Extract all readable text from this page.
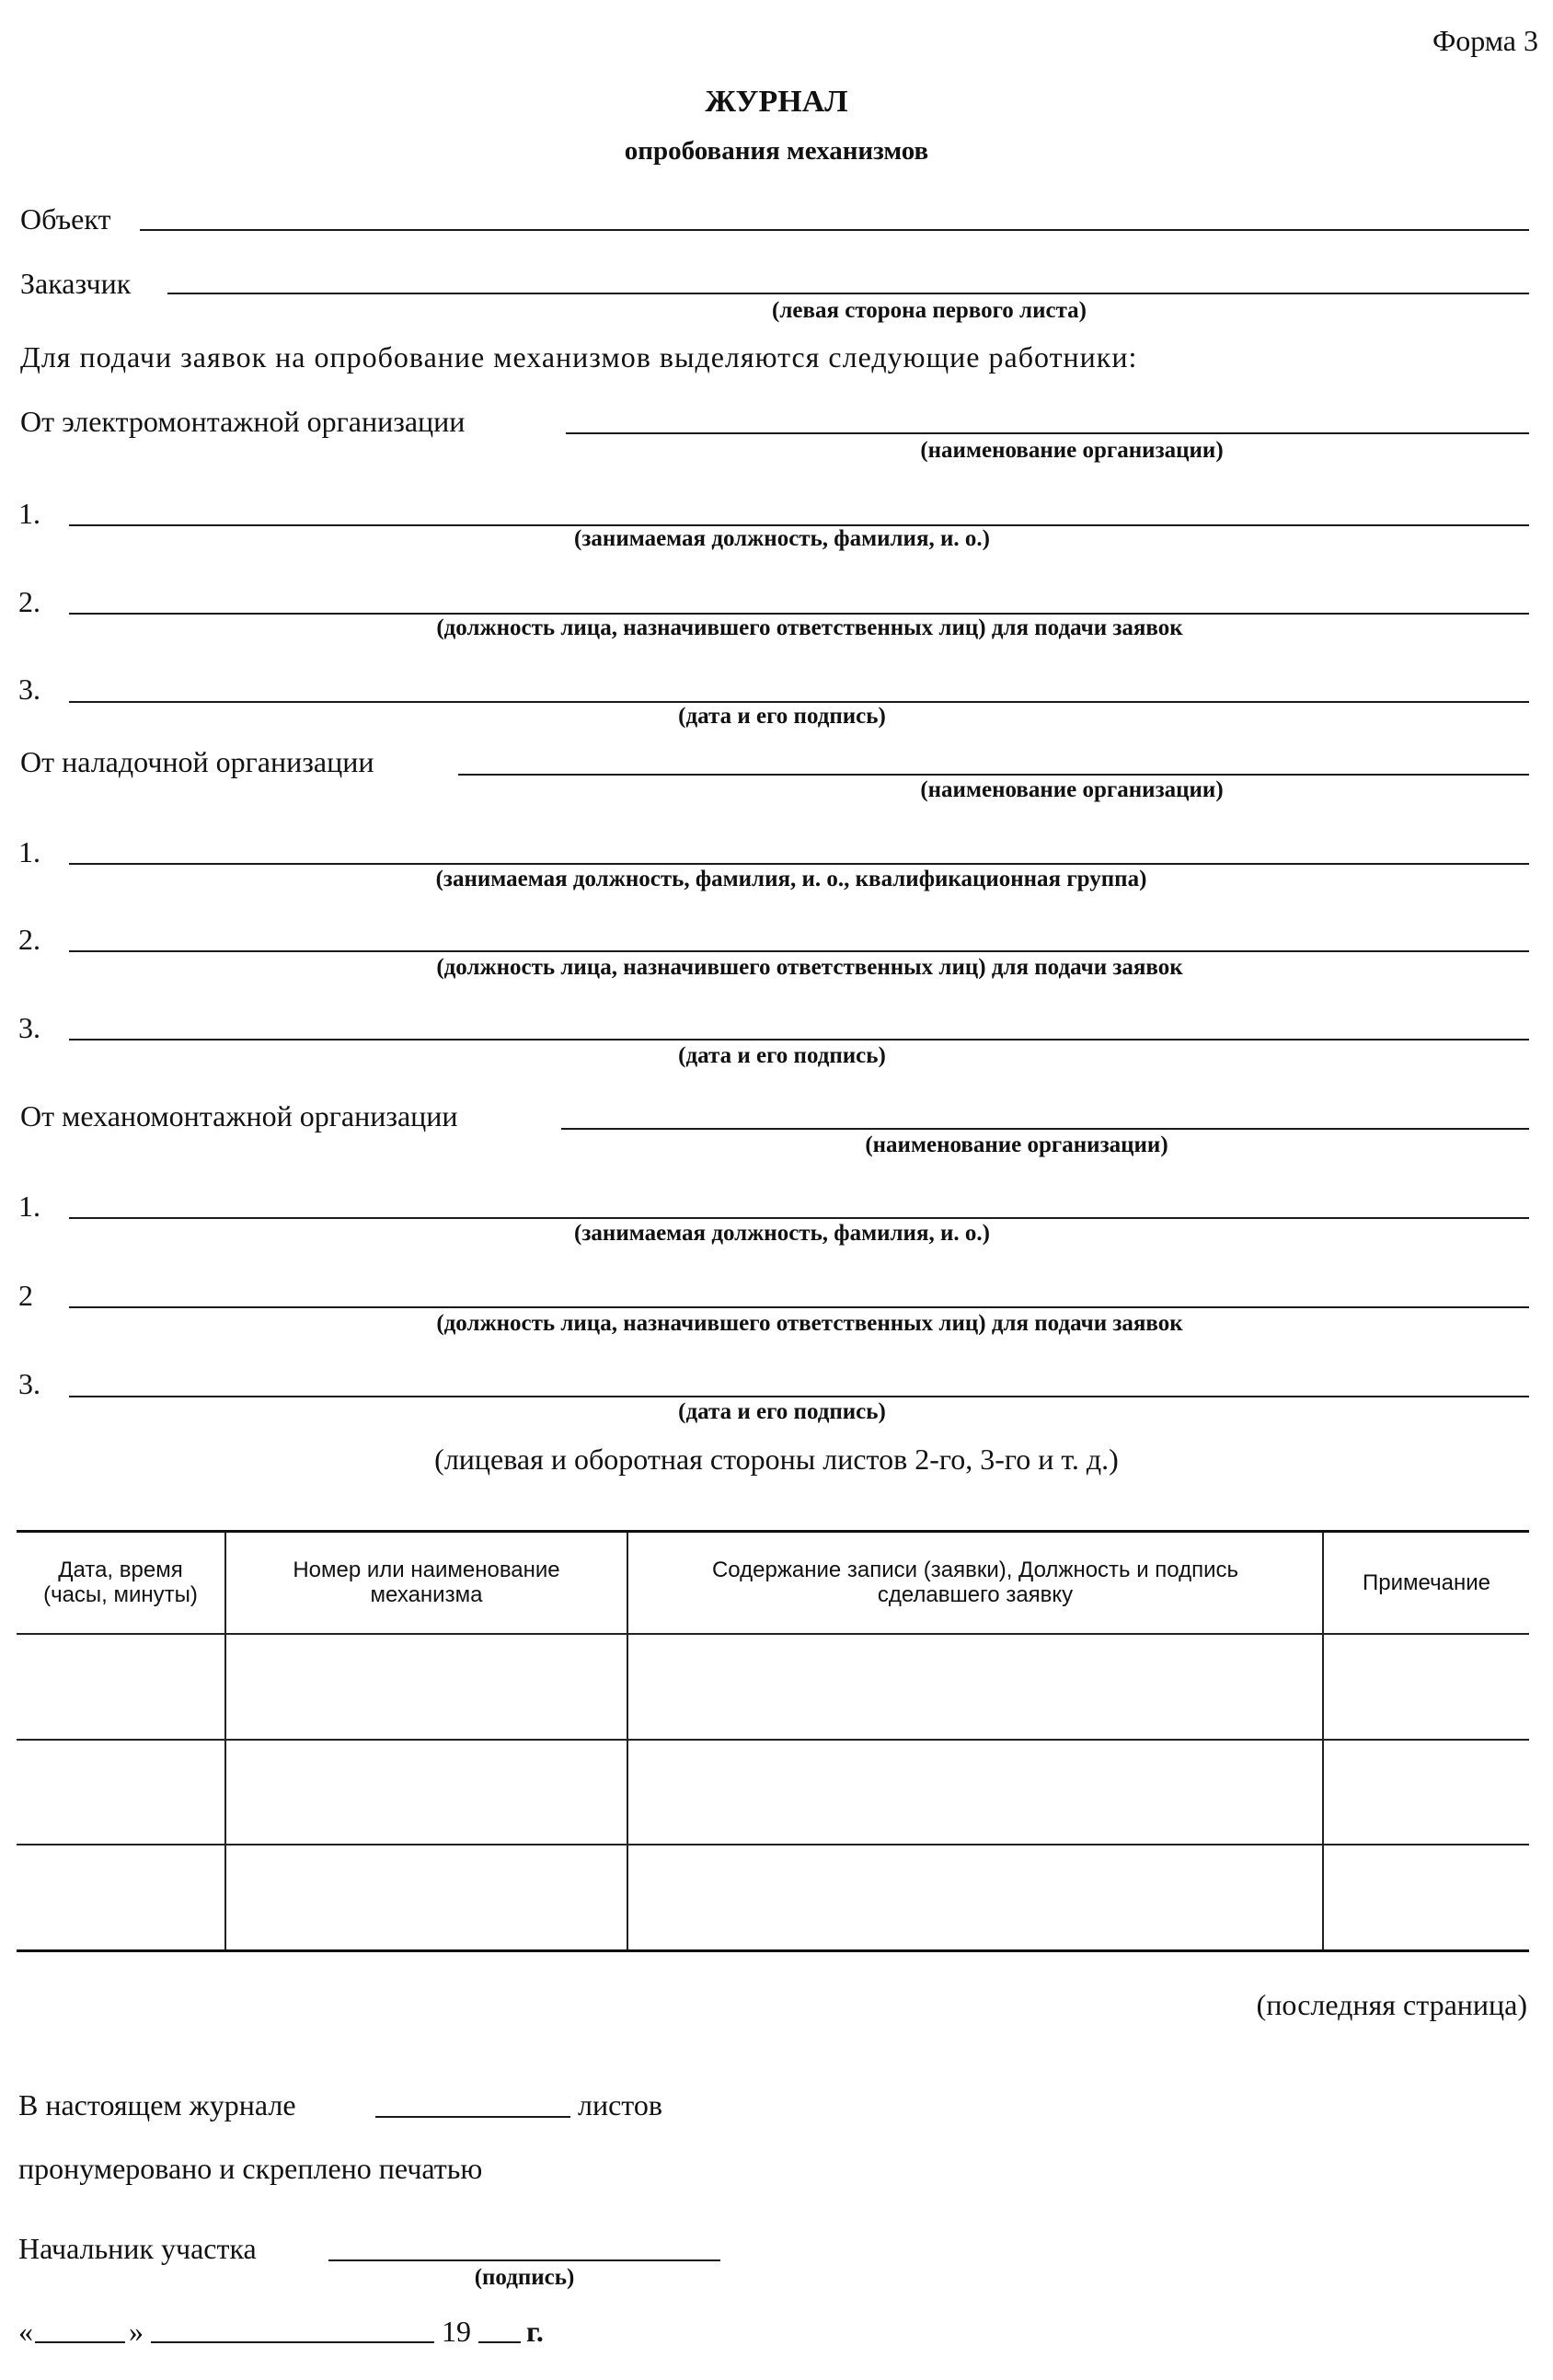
Форма 3
ЖУРНАЛ
опробования механизмов
Объект
Заказчик
(левая сторона первого листа)
Для подачи заявок на опробование механизмов выделяются следующие работники:
От электромонтажной организации
(наименование организации)
1.
(занимаемая должность, фамилия, и. о.)
2.
(должность лица, назначившего ответственных лиц) для подачи заявок
3.
(дата и его подпись)
От наладочной организации
(наименование организации)
1.
(занимаемая должность, фамилия, и. о., квалификационная группа)
2.
(должность лица, назначившего ответственных лиц) для подачи заявок
3.
(дата и его подпись)
От механомонтажной организации
(наименование организации)
1.
(занимаемая должность, фамилия, и. о.)
2
(должность лица, назначившего ответственных лиц) для подачи заявок
3.
(дата и его подпись)
(лицевая и оборотная стороны листов 2-го, 3-го и т. д.)
Дата, время (часы, минуты)	Номер или наименование механизма	Содержание записи (заявки), Должность и подпись сделавшего заявку	Примечание

(последняя страница)
В настоящем журнале	листов
пронумеровано и скреплено печатью
Начальник участка
(подпись)
«	»	19 г.
